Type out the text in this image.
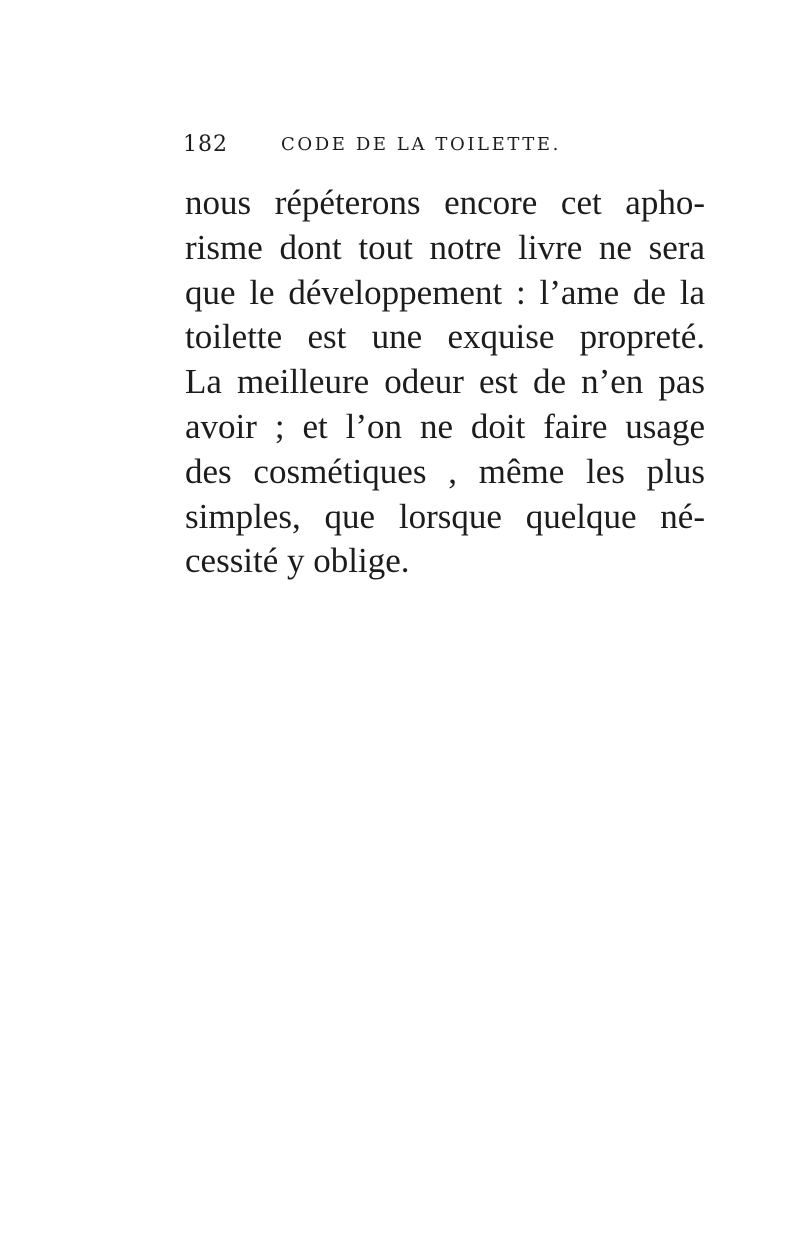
182	CODE DE LA TOILETTE.
nous répéterons encore cet apho-
risme dont tout notre livre ne sera
que le développement : l’ame de la
toilette est une exquise propreté.
La meilleure odeur est de n’en pas
avoir ; et l’on ne doit faire usage
des cosmétiques , même les plus
simples, que lorsque quelque né-
cessité y oblige.
